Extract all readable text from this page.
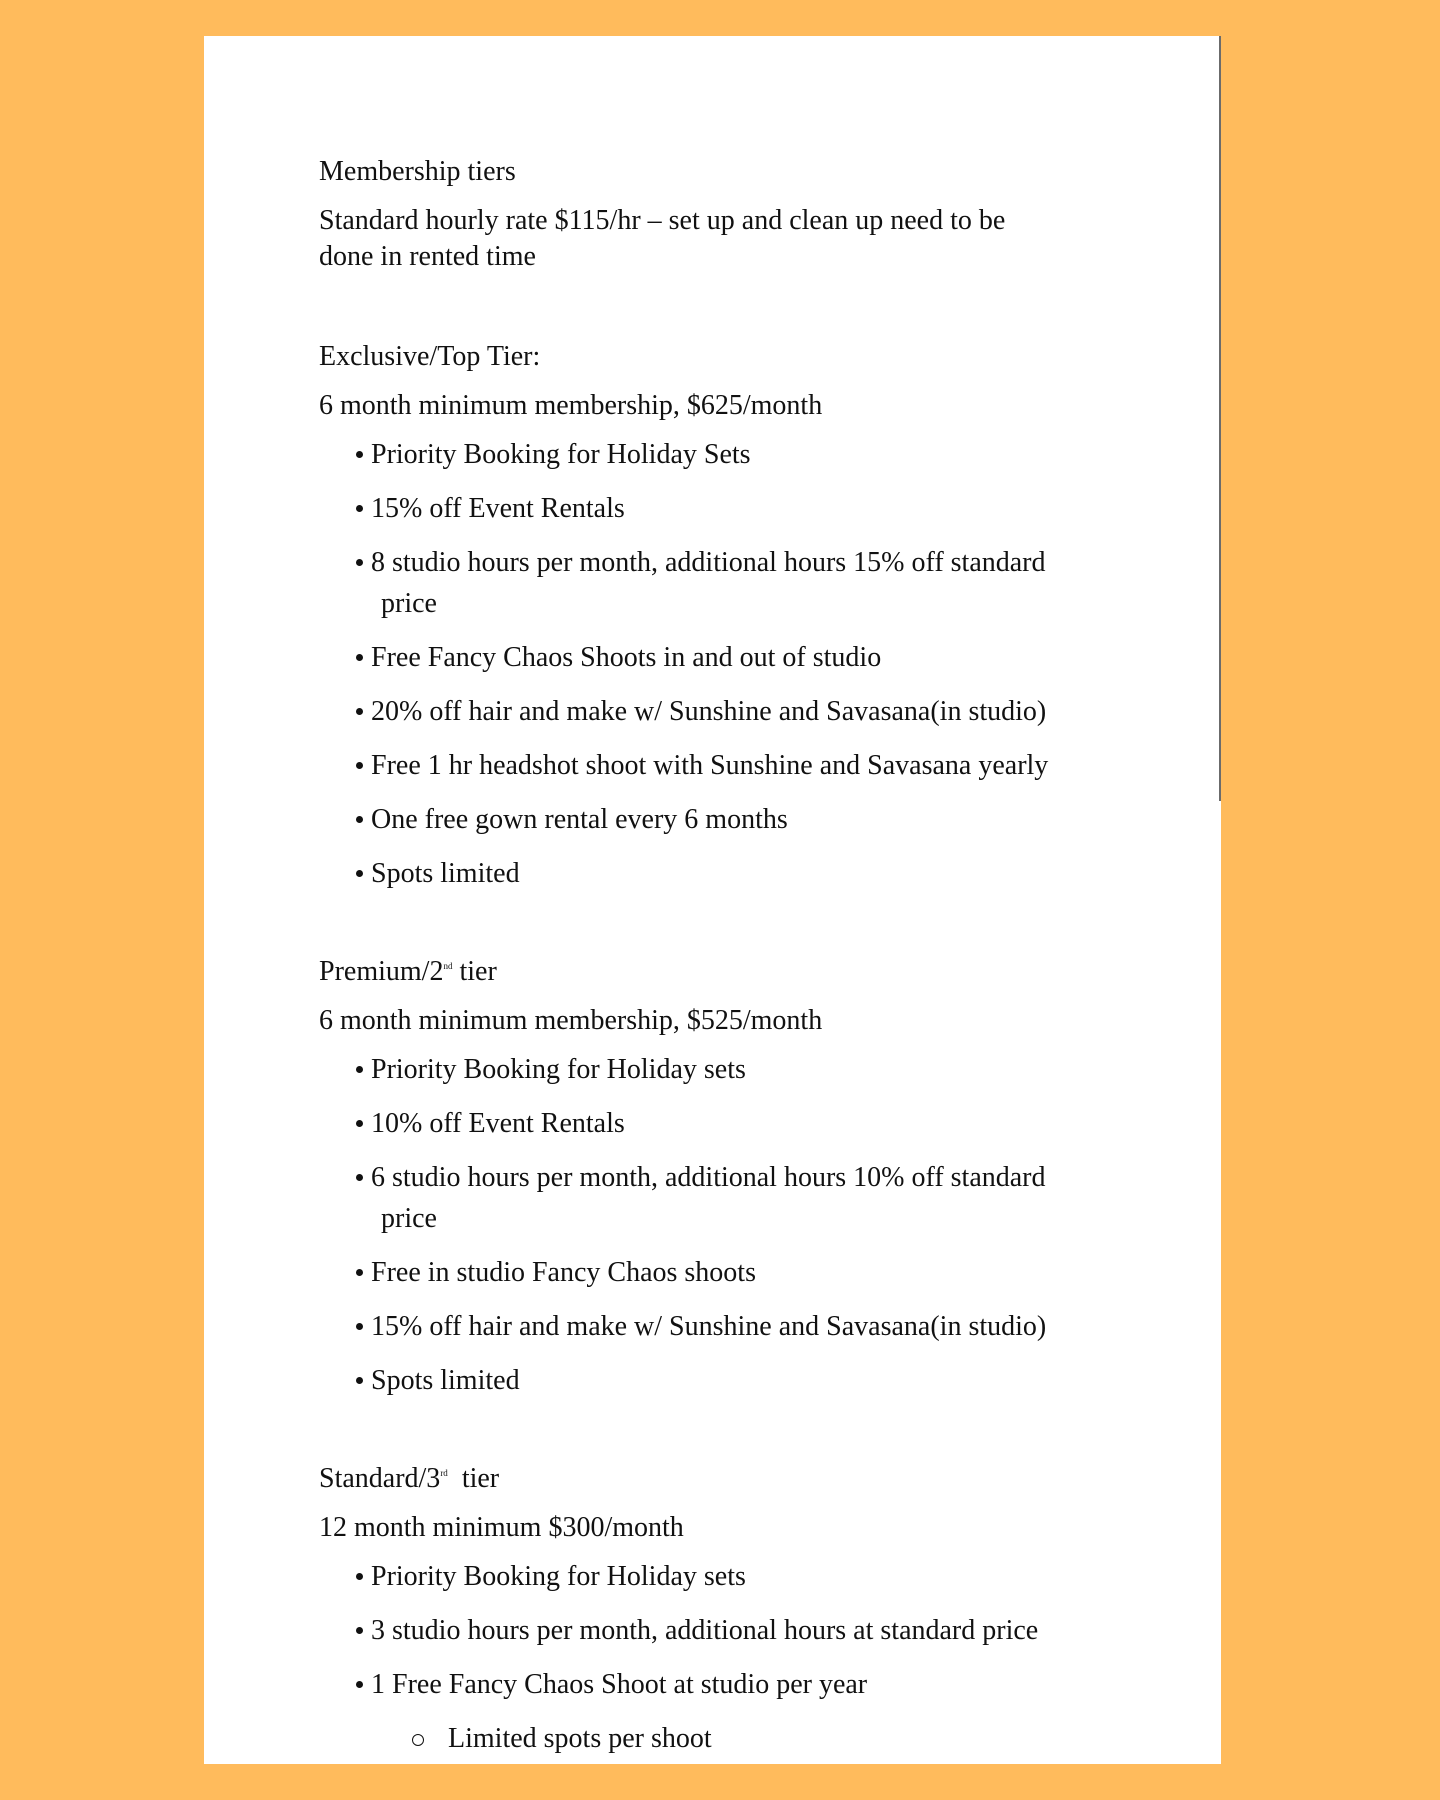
Membership tiers

Standard hourly rate $115/hr – set up and clean up need to be
done in rented time

Exclusive/Top Tier:

6 month minimum membership, $625/month

Priority Booking for Holiday Sets
15% off Event Rentals
8 studio hours per month, additional hours 15% off standard
price
Free Fancy Chaos Shoots in and out of studio
20% off hair and make w/ Sunshine and Savasana(in studio)
Free 1 hr headshot shoot with Sunshine and Savasana yearly
One free gown rental every 6 months
Spots limited

Premium/2nd tier

6 month minimum membership, $525/month

Priority Booking for Holiday sets
10% off Event Rentals
6 studio hours per month, additional hours 10% off standard
price
Free in studio Fancy Chaos shoots
15% off hair and make w/ Sunshine and Savasana(in studio)
Spots limited

Standard/3rd  tier

12 month minimum $300/month

Priority Booking for Holiday sets
3 studio hours per month, additional hours at standard price
1 Free Fancy Chaos Shoot at studio per year
Limited spots per shoot
